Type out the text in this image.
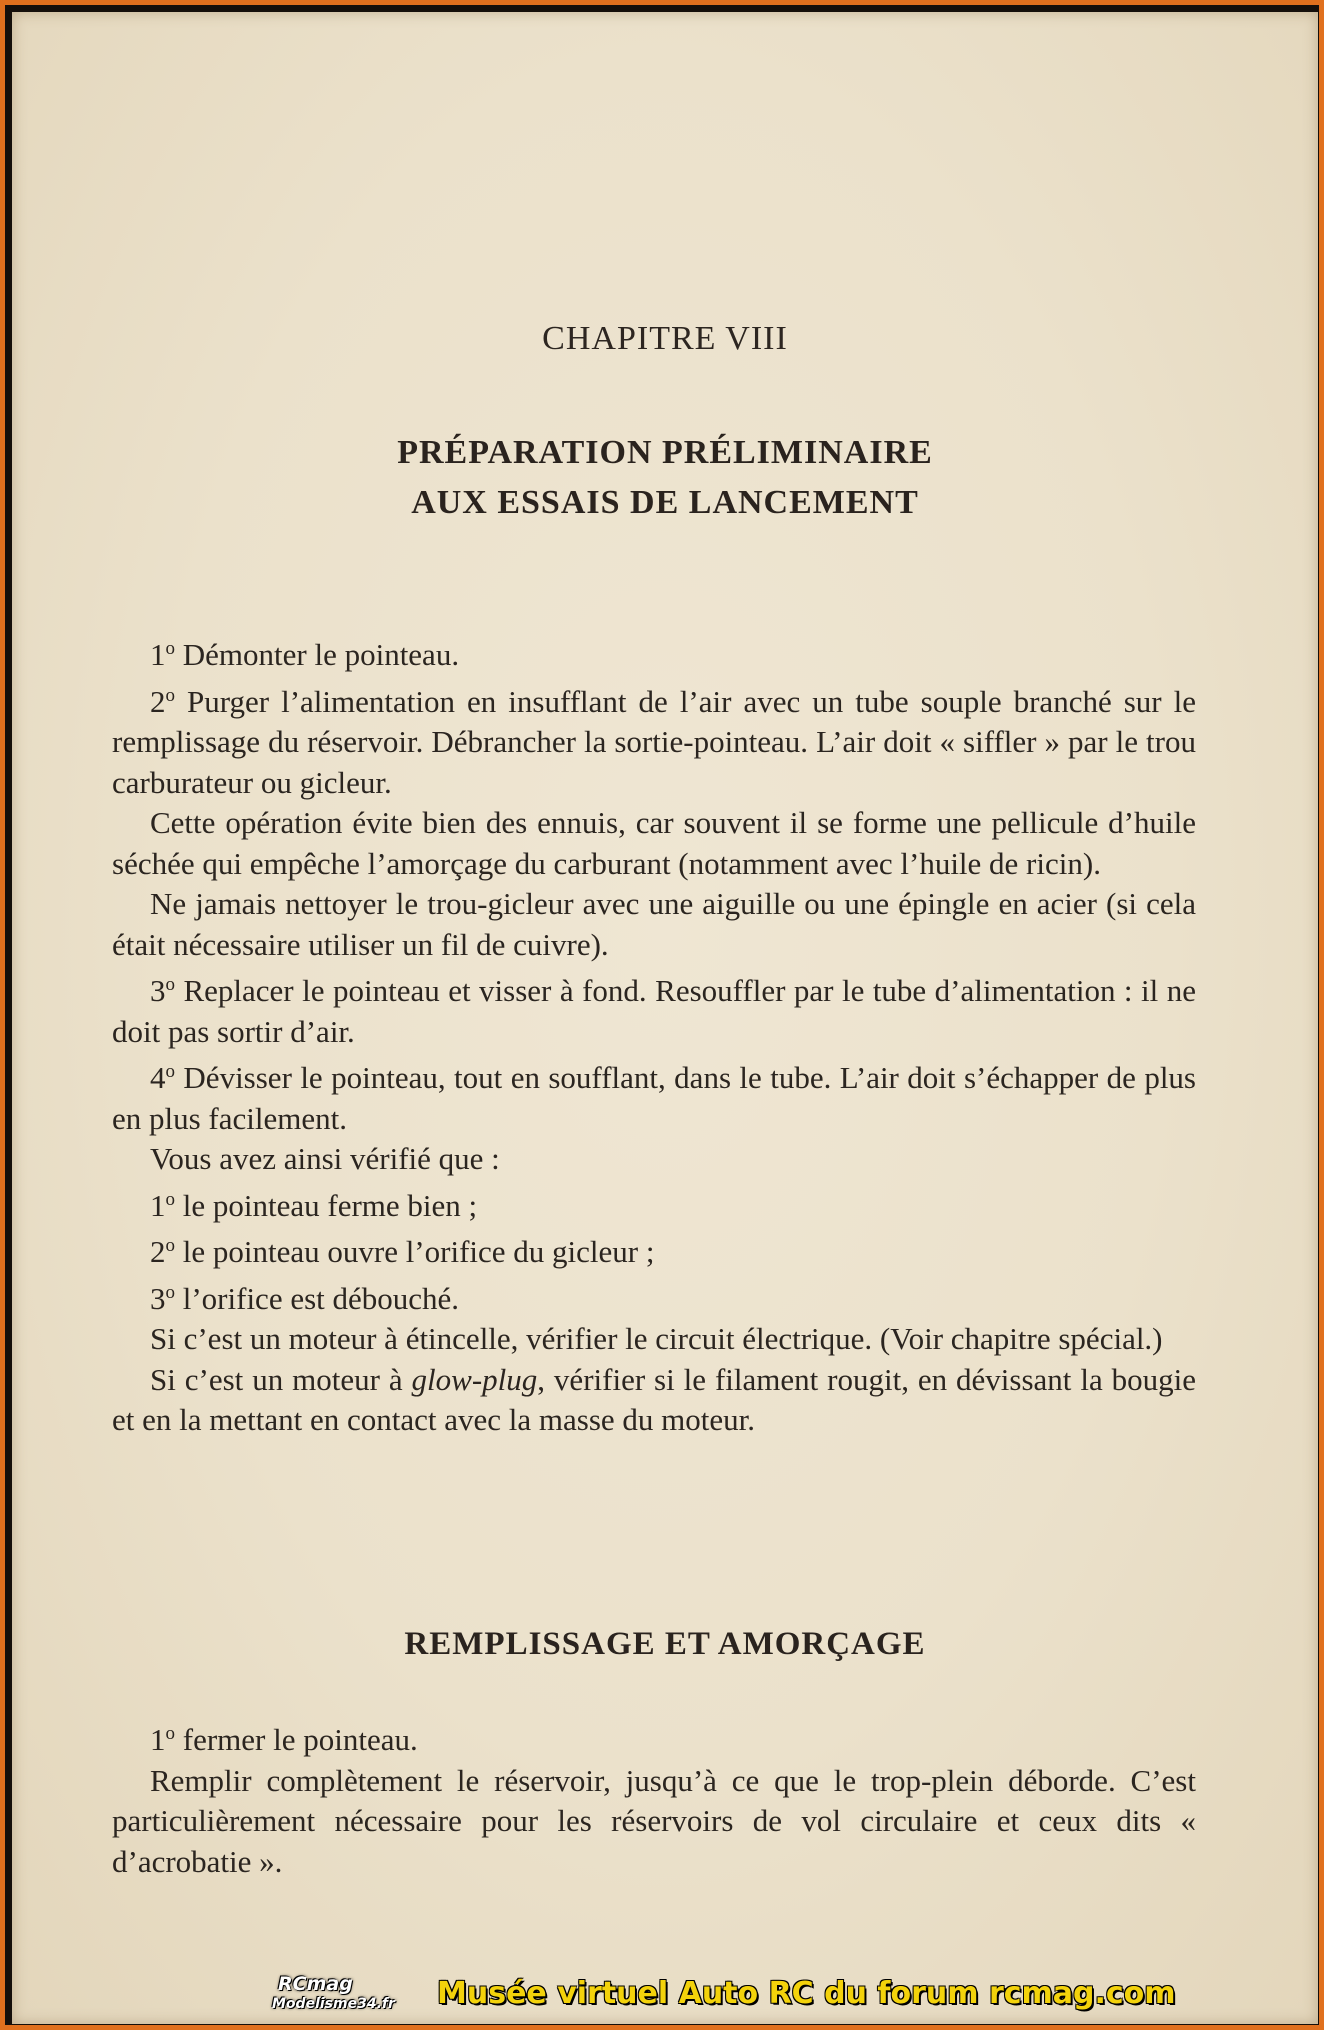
CHAPITRE VIII
PRÉPARATION PRÉLIMINAIRE
AUX ESSAIS DE LANCEMENT

1$^o$ Démonter le pointeau.

2$^o$ Purger l’alimentation en insufflant de l’air avec un tube souple branché sur le remplissage du réservoir. Débrancher la sortie-pointeau. L’air doit « siffler » par le trou carburateur ou gicleur.

Cette opération évite bien des ennuis, car souvent il se forme une pellicule d’huile séchée qui empêche l’amorçage du carburant (notamment avec l’huile de ricin).

Ne jamais nettoyer le trou-gicleur avec une aiguille ou une épingle en acier (si cela était nécessaire utiliser un fil de cuivre).

3$^o$ Replacer le pointeau et visser à fond. Resouffler par le tube d’alimentation : il ne doit pas sortir d’air.

4$^o$ Dévisser le pointeau, tout en soufflant, dans le tube. L’air doit s’échapper de plus en plus facilement.

Vous avez ainsi vérifié que :

1$^o$ le pointeau ferme bien ;

2$^o$ le pointeau ouvre l’orifice du gicleur ;

3$^o$ l’orifice est débouché.

Si c’est un moteur à étincelle, vérifier le circuit électrique. (Voir chapitre spécial.)

Si c’est un moteur à glow-plug, vérifier si le filament rougit, en dévissant la bougie et en la mettant en contact avec la masse du moteur.

REMPLISSAGE ET AMORÇAGE

1$^o$ fermer le pointeau.

Remplir complètement le réservoir, jusqu’à ce que le trop-plein déborde. C’est particulièrement nécessaire pour les réservoirs de vol circulaire et ceux dits « d’acrobatie ».

RCmag
Modelisme34.fr	Musée virtuel Auto RC du forum rcmag.com
